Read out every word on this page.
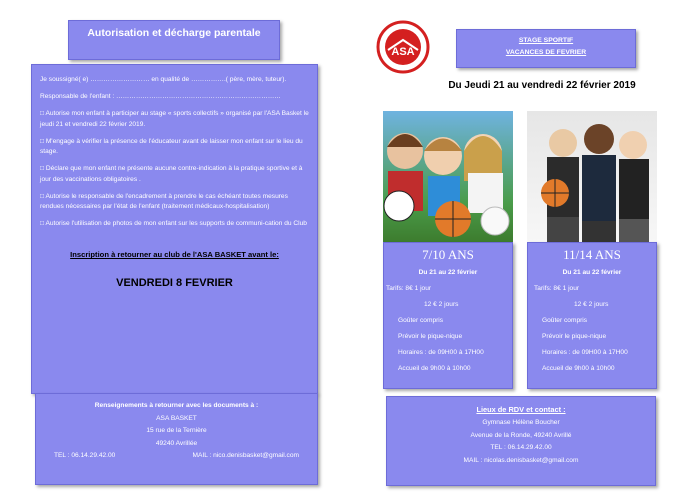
Autorisation et décharge parentale

Je soussigné( e) ……………………… en qualité de …………….( père, mère, tuteur).

Responsable de l'enfant : …………………………………………………………………

□ Autorise mon enfant à participer au stage « sports collectifs » organisé par l'ASA Basket le jeudi 21 et vendredi 22 février 2019.

□ M'engage à vérifier la présence de l'éducateur avant de laisser mon enfant sur le lieu du stage.

□ Déclare que mon enfant ne présente aucune contre-indication à la pratique sportive et à jour des vaccinations obligatoires .

□ Autorise le responsable de l'encadrement à prendre le cas échéant toutes mesures rendues nécessaires par l'état de l'enfant (traitement médicaux-hospitalisation)

□ Autorise l'utilisation de photos de mon enfant sur les supports de communi-cation du Club

Inscription à retourner au club de l'ASA BASKET avant le:

VENDREDI 8 FEVRIER

Renseignements à retourner avec les documents à :
ASA BASKET
15 rue de la Ternière
49240 Avrillée
TEL : 06.14.29.42.00	MAIL : nico.denisbasket@gmail.com
ASA
STAGE SPORTIF
VACANCES DE FEVRIER
Du Jeudi 21 au vendredi 22 février 2019
7/10 ANS
Du 21 au 22 février
Tarifs: 8€ 1 jour
12 € 2 jours
Goûter compris
Prévoir le pique-nique
Horaires : de 09H00 à 17H00
Accueil de 9h00 à 10h00
11/14 ANS
Du 21 au 22 février
Tarifs: 8€ 1 jour
12 € 2 jours
Goûter compris
Prévoir le pique-nique
Horaires : de 09H00 à 17H00
Accueil de 9h00 à 10h00
Lieux de RDV et contact :
Gymnase Hélène Boucher
Avenue de la Ronde, 49240 Avrillé
TEL : 06.14.29.42.00
MAIL : nicolas.denisbasket@gmail.com
